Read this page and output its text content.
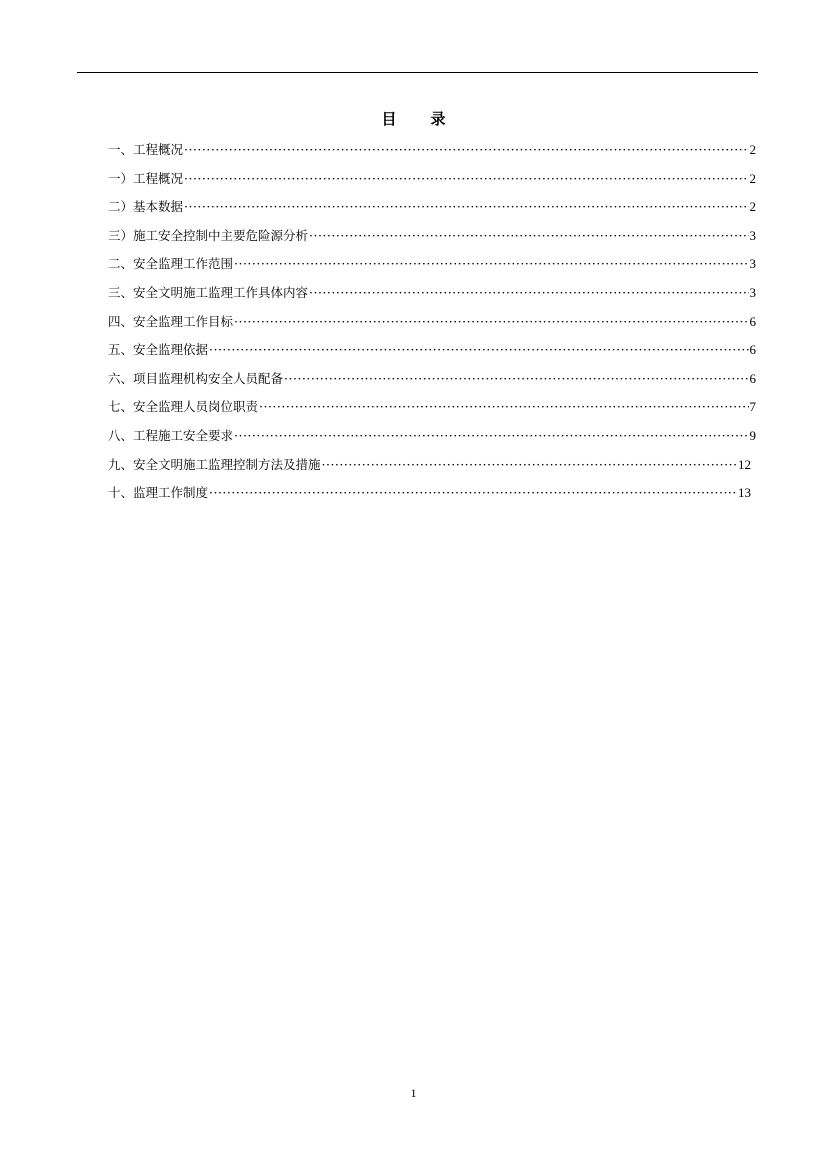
目 录
一、工程概况 ·····	2
一）工程概况 ·····	2
二）基本数据 ·····	2
三）施工安全控制中主要危险源分析 ·····	3
二、安全监理工作范围 ·····	3
三、安全文明施工监理工作具体内容 ·····	3
四、安全监理工作目标 ·····	6
五、安全监理依据 ·····	6
六、项目监理机构安全人员配备 ·····	6
七、安全监理人员岗位职责 ·····	7
八、工程施工安全要求 ·····	9
九、安全文明施工监理控制方法及措施 ·····	12
十、监理工作制度 ·····	13
1
